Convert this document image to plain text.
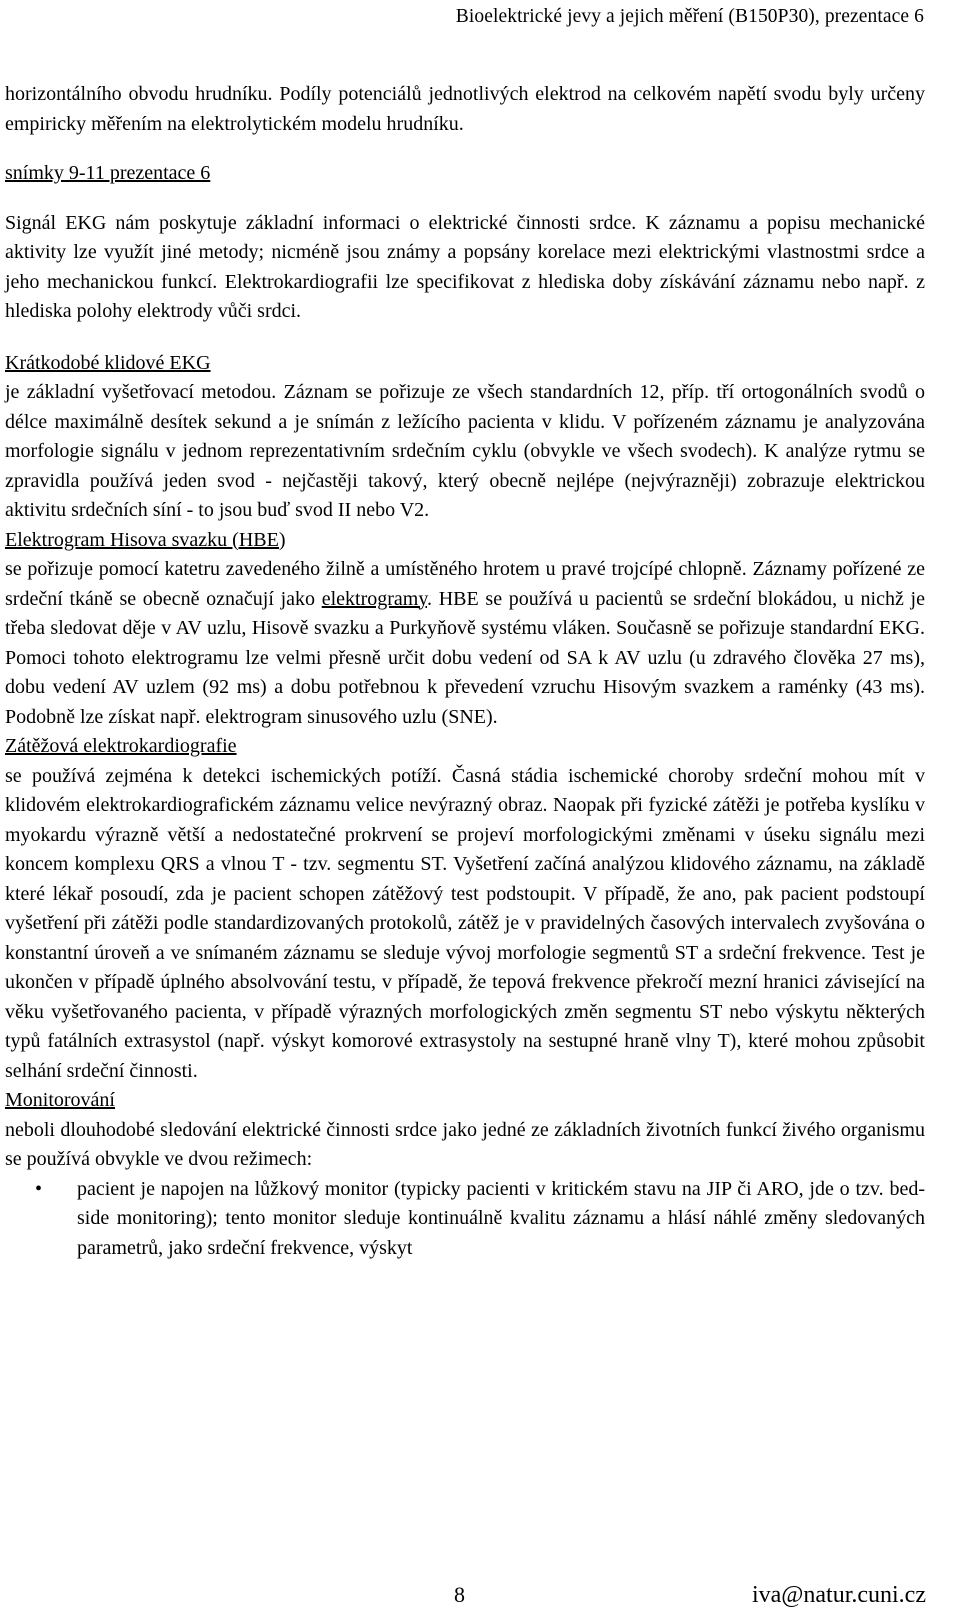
Bioelektrické jevy a jejich měření (B150P30), prezentace 6

horizontálního obvodu hrudníku. Podíly potenciálů jednotlivých elektrod na celkovém napětí svodu byly určeny empiricky měřením na elektrolytickém modelu hrudníku.

snímky 9-11 prezentace 6

Signál EKG nám poskytuje základní informaci o elektrické činnosti srdce. K záznamu a popisu mechanické aktivity lze využít jiné metody; nicméně jsou známy a popsány korelace mezi elektrickými vlastnostmi srdce a jeho mechanickou funkcí. Elektrokardiografii lze specifikovat z hlediska doby získávání záznamu nebo např. z hlediska polohy elektrody vůči srdci.

Krátkodobé klidové EKG

je základní vyšetřovací metodou. Záznam se pořizuje ze všech standardních 12, příp. tří ortogonálních svodů o délce maximálně desítek sekund a je snímán z ležícího pacienta v klidu. V pořízeném záznamu je analyzována morfologie signálu v jednom reprezentativním srdečním cyklu (obvykle ve všech svodech). K analýze rytmu se zpravidla používá jeden svod - nejčastěji takový, který obecně nejlépe (nejvýrazněji) zobrazuje elektrickou aktivitu srdečních síní - to jsou buď svod II nebo V2.

Elektrogram Hisova svazku (HBE)

se pořizuje pomocí katetru zavedeného žilně a umístěného hrotem u pravé trojcípé chlopně. Záznamy pořízené ze srdeční tkáně se obecně označují jako elektrogramy. HBE se používá u pacientů se srdeční blokádou, u nichž je třeba sledovat děje v AV uzlu, Hisově svazku a Purkyňově systému vláken. Současně se pořizuje standardní EKG. Pomoci tohoto elektrogramu lze velmi přesně určit dobu vedení od SA k AV uzlu (u zdravého člověka 27 ms), dobu vedení AV uzlem (92 ms) a dobu potřebnou k převedení vzruchu Hisovým svazkem a raménky (43 ms). Podobně lze získat např. elektrogram sinusového uzlu (SNE).

Zátěžová elektrokardiografie

se používá zejména k detekci ischemických potíží. Časná stádia ischemické choroby srdeční mohou mít v klidovém elektrokardiografickém záznamu velice nevýrazný obraz. Naopak při fyzické zátěži je potřeba kyslíku v myokardu výrazně větší a nedostatečné prokrvení se projeví morfologickými změnami v úseku signálu mezi koncem komplexu QRS a vlnou T - tzv. segmentu ST. Vyšetření začíná analýzou klidového záznamu, na základě které lékař posoudí, zda je pacient schopen zátěžový test podstoupit. V případě, že ano, pak pacient podstoupí vyšetření při zátěži podle standardizovaných protokolů, zátěž je v pravidelných časových intervalech zvyšována o konstantní úroveň a ve snímaném záznamu se sleduje vývoj morfologie segmentů ST a srdeční frekvence. Test je ukončen v případě úplného absolvování testu, v případě, že tepová frekvence překročí mezní hranici závisející na věku vyšetřovaného pacienta, v případě výrazných morfologických změn segmentu ST nebo výskytu některých typů fatálních extrasystol (např. výskyt komorové extrasystoly na sestupné hraně vlny T), které mohou způsobit selhání srdeční činnosti.

Monitorování

neboli dlouhodobé sledování elektrické činnosti srdce jako jedné ze základních životních funkcí živého organismu se používá obvykle ve dvou režimech:

• pacient je napojen na lůžkový monitor (typicky pacienti v kritickém stavu na JIP či ARO, jde o tzv. bed-side monitoring); tento monitor sleduje kontinuálně kvalitu záznamu a hlásí náhlé změny sledovaných parametrů, jako srdeční frekvence, výskyt
8	iva@natur.cuni.cz
